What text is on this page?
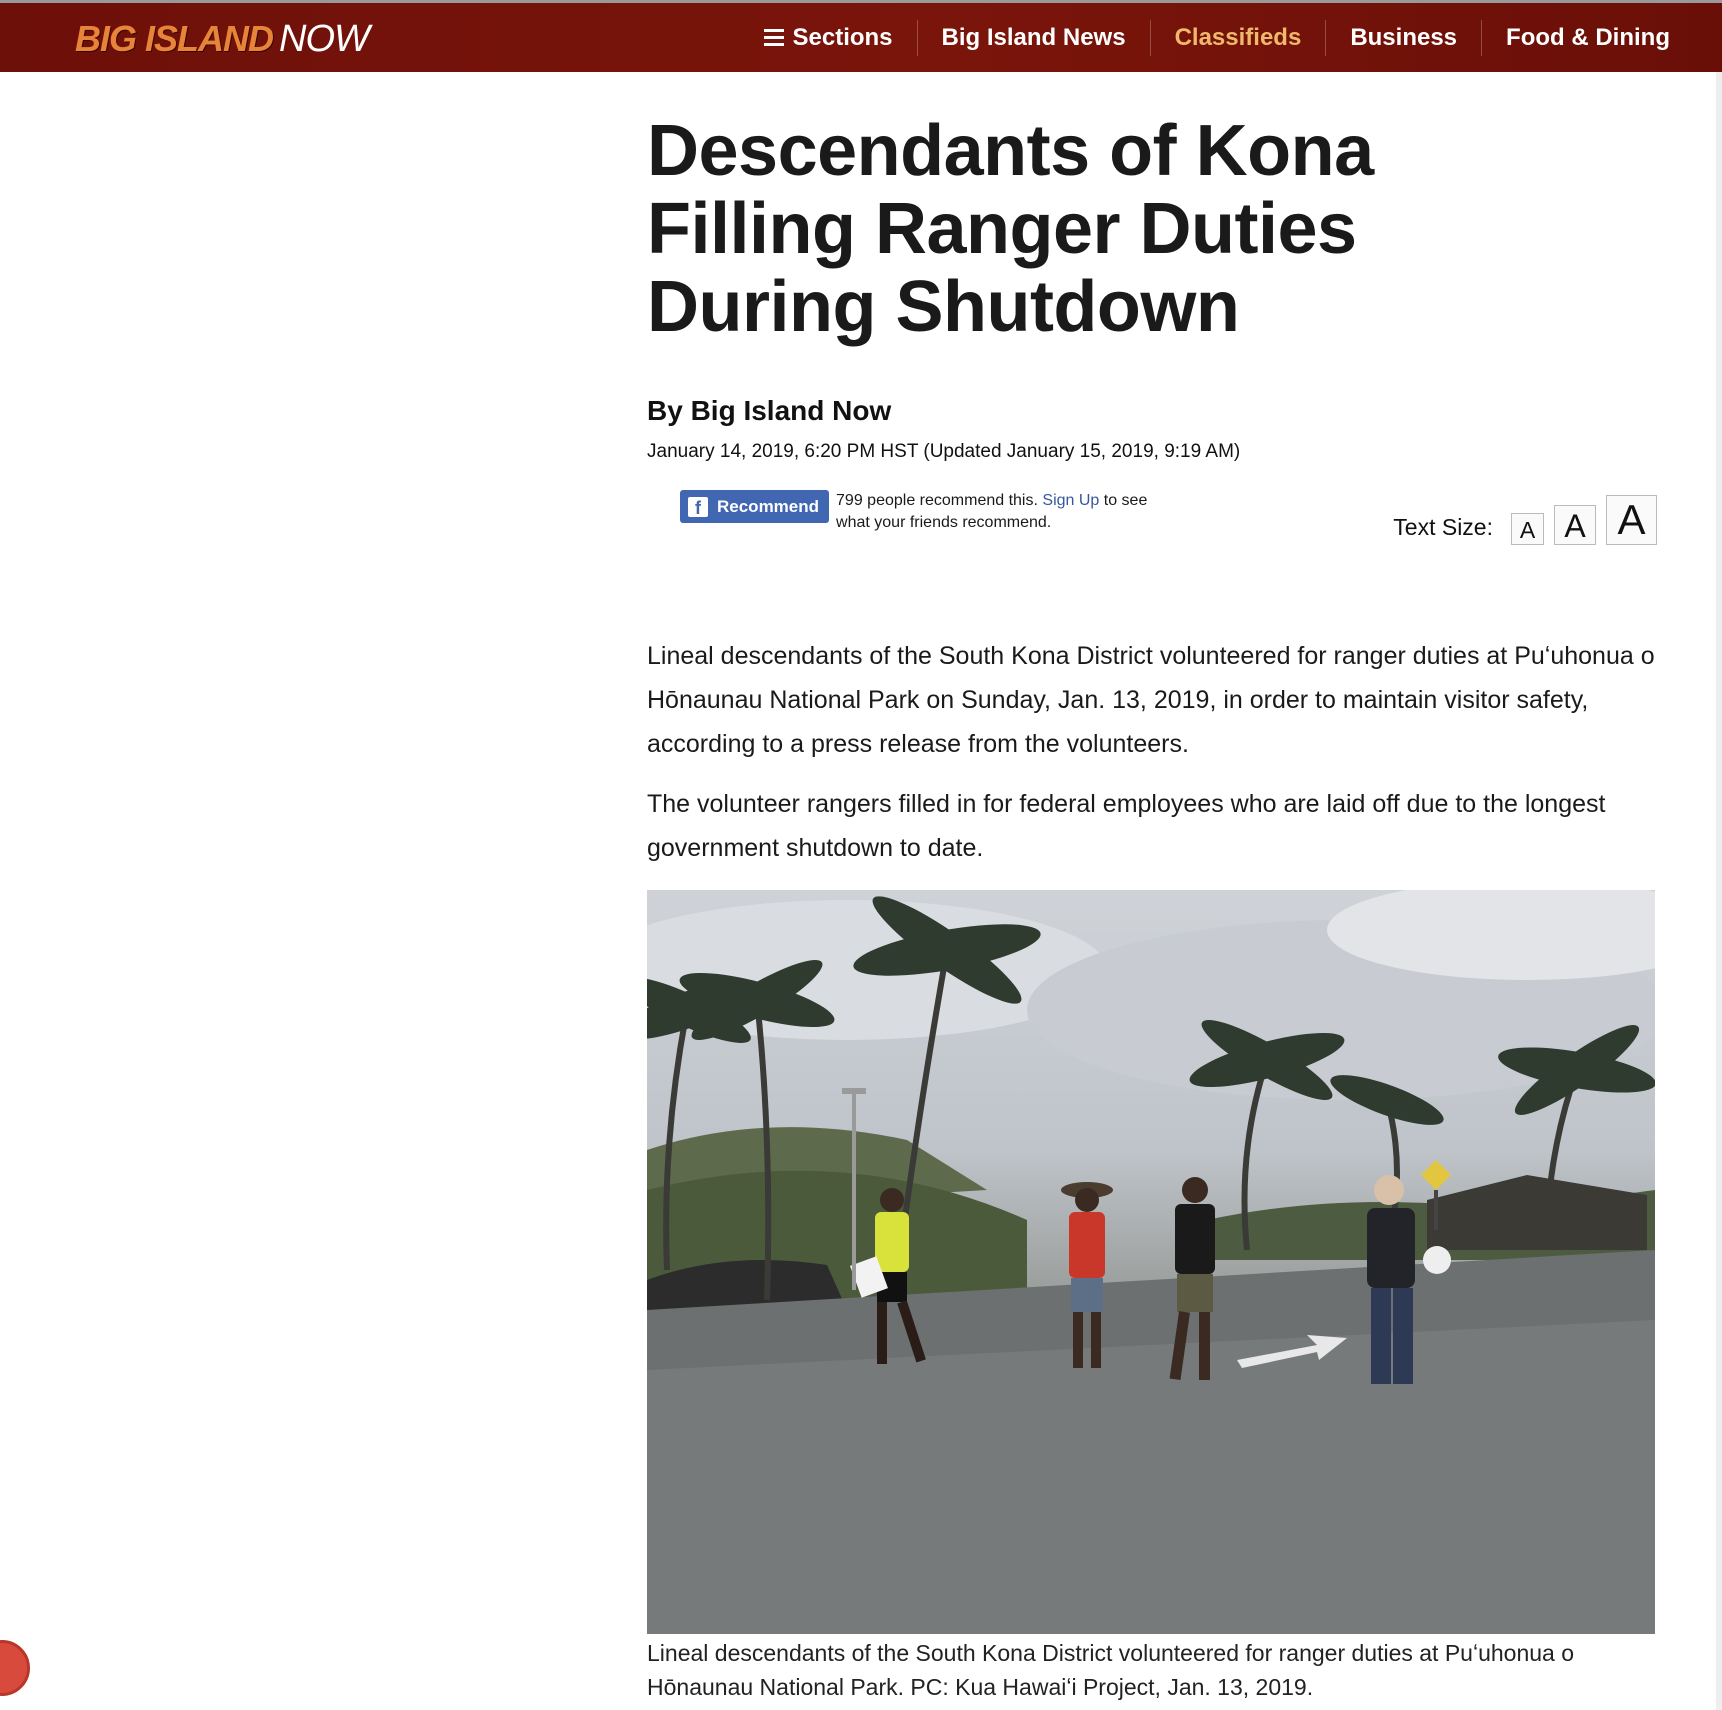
BIG ISLAND NOW	Sections Big Island News Classifieds Business Food & Dining
Descendants of Kona Filling Ranger Duties During Shutdown
By Big Island Now
January 14, 2019, 6:20 PM HST (Updated January 15, 2019, 9:19 AM)
f Recommend 799 people recommend this. Sign Up to see what your friends recommend.	Text Size:	A A A

Lineal descendants of the South Kona District volunteered for ranger duties at Puʻuhonua o Hōnaunau National Park on Sunday, Jan. 13, 2019, in order to maintain visitor safety, according to a press release from the volunteers.

The volunteer rangers filled in for federal employees who are laid off due to the longest government shutdown to date.

Lineal descendants of the South Kona District volunteered for ranger duties at Puʻuhonua o Hōnaunau National Park. PC: Kua Hawaiʻi Project, Jan. 13, 2019.
